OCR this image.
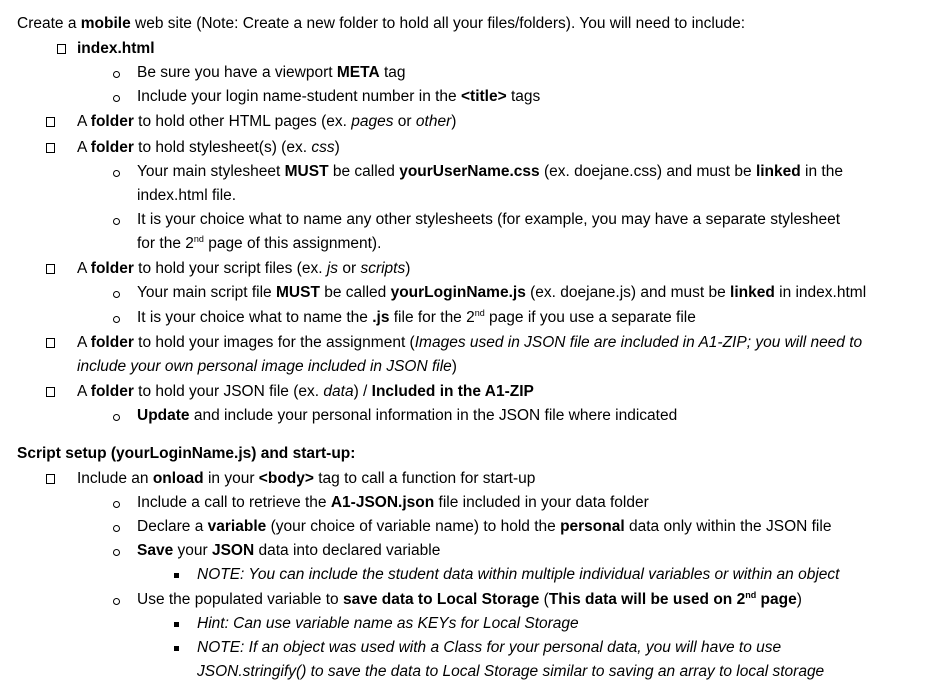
Create a mobile web site (Note: Create a new folder to hold all your files/folders). You will need to include:
index.html
Be sure you have a viewport META tag
Include your login name-student number in the <title> tags
A folder to hold other HTML pages (ex. pages or other)
A folder to hold stylesheet(s) (ex. css)
Your main stylesheet MUST be called yourUserName.css (ex. doejane.css) and must be linked in the
index.html file.
It is your choice what to name any other stylesheets (for example, you may have a separate stylesheet
for the 2nd page of this assignment).
A folder to hold your script files (ex. js or scripts)
Your main script file MUST be called yourLoginName.js (ex. doejane.js) and must be linked in index.html
It is your choice what to name the .js file for the 2nd page if you use a separate file
A folder to hold your images for the assignment (Images used in JSON file are included in A1-ZIP; you will need to
include your own personal image included in JSON file)
A folder to hold your JSON file (ex. data) / Included in the A1-ZIP
Update and include your personal information in the JSON file where indicated
Script setup (yourLoginName.js) and start-up:
Include an onload in your <body> tag to call a function for start-up
Include a call to retrieve the A1-JSON.json file included in your data folder
Declare a variable (your choice of variable name) to hold the personal data only within the JSON file
Save your JSON data into declared variable
NOTE: You can include the student data within multiple individual variables or within an object
Use the populated variable to save data to Local Storage (This data will be used on 2nd page)
Hint: Can use variable name as KEYs for Local Storage
NOTE: If an object was used with a Class for your personal data, you will have to use
JSON.stringify() to save the data to Local Storage similar to saving an array to local storage
